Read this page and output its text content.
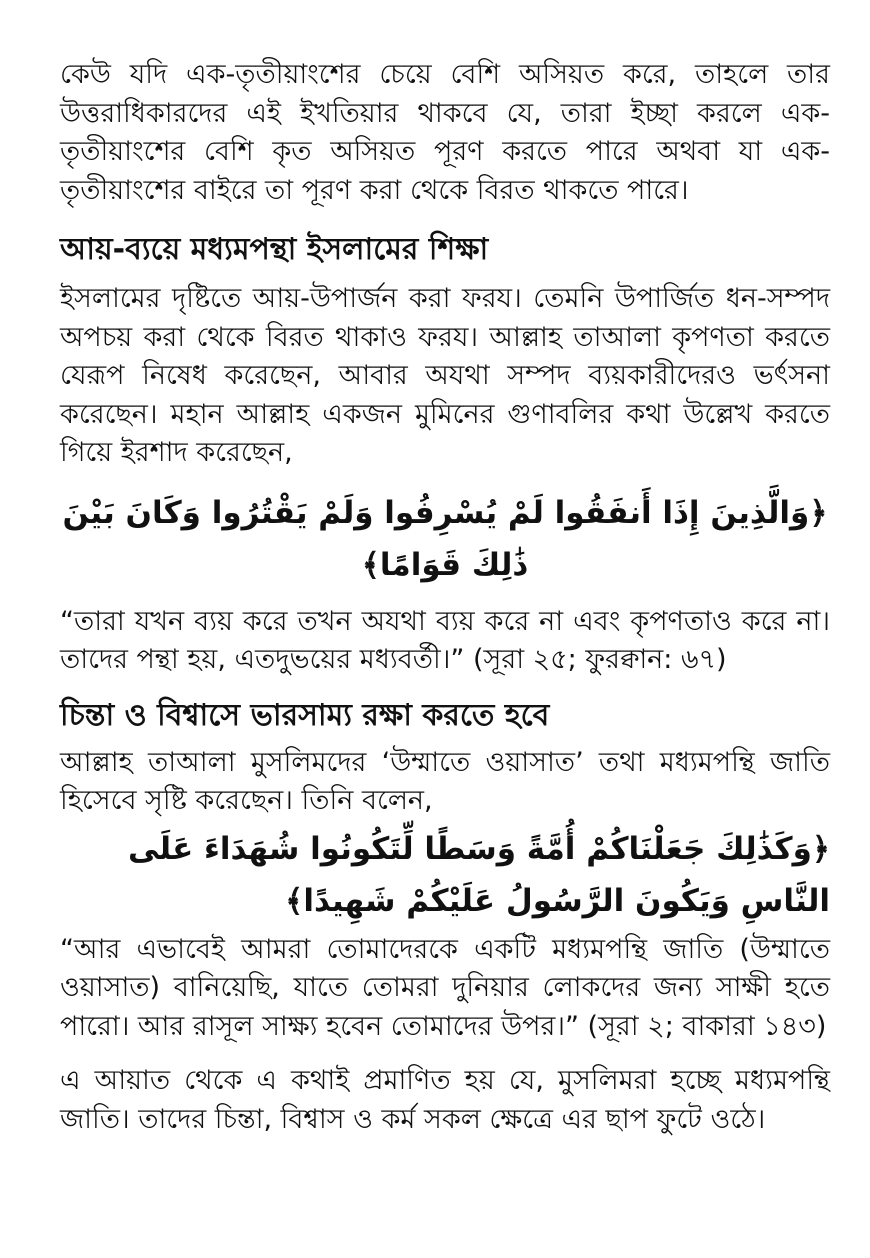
কেউ যদি এক-তৃতীয়াংশের চেয়ে বেশি অসিয়ত করে, তাহলে তার উত্তরাধিকারদের এই ইখতিয়ার থাকবে যে, তারা ইচ্ছা করলে এক-তৃতীয়াংশের বেশি কৃত অসিয়ত পূরণ করতে পারে অথবা যা এক-তৃতীয়াংশের বাইরে তা পূরণ করা থেকে বিরত থাকতে পারে।

আয়-ব্যয়ে মধ্যমপন্থা ইসলামের শিক্ষা

ইসলামের দৃষ্টিতে আয়-উপার্জন করা ফরয। তেমনি উপার্জিত ধন-সম্পদ অপচয় করা থেকে বিরত থাকাও ফরয। আল্লাহ তাআলা কৃপণতা করতে যেরূপ নিষেধ করেছেন, আবার অযথা সম্পদ ব্যয়কারীদেরও ভর্ৎসনা করেছেন। মহান আল্লাহ একজন মুমিনের গুণাবলির কথা উল্লেখ করতে গিয়ে ইরশাদ করেছেন,

﴿وَالَّذِينَ إِذَا أَنفَقُوا لَمْ يُسْرِفُوا وَلَمْ يَقْتُرُوا وَكَانَ بَيْنَ ذَٰلِكَ قَوَامًا﴾

“তারা যখন ব্যয় করে তখন অযথা ব্যয় করে না এবং কৃপণতাও করে না। তাদের পন্থা হয়, এতদুভয়ের মধ্যবর্তী।” (সূরা ২৫; ফুরক্বান: ৬৭)

চিন্তা ও বিশ্বাসে ভারসাম্য রক্ষা করতে হবে

আল্লাহ তাআলা মুসলিমদের ‘উম্মাতে ওয়াসাত’ তথা মধ্যমপন্থি জাতি হিসেবে সৃষ্টি করেছেন। তিনি বলেন,

﴿وَكَذَٰلِكَ جَعَلْنَاكُمْ أُمَّةً وَسَطًا لِّتَكُونُوا شُهَدَاءَ عَلَى النَّاسِ وَيَكُونَ الرَّسُولُ عَلَيْكُمْ شَهِيدًا﴾

“আর এভাবেই আমরা তোমাদেরকে একটি মধ্যমপন্থি জাতি (উম্মাতে ওয়াসাত) বানিয়েছি, যাতে তোমরা দুনিয়ার লোকদের জন্য সাক্ষী হতে পারো। আর রাসূল সাক্ষ্য হবেন তোমাদের উপর।” (সূরা ২; বাকারা ১৪৩)

এ আয়াত থেকে এ কথাই প্রমাণিত হয় যে, মুসলিমরা হচ্ছে মধ্যমপন্থি জাতি। তাদের চিন্তা, বিশ্বাস ও কর্ম সকল ক্ষেত্রে এর ছাপ ফুটে ওঠে।
